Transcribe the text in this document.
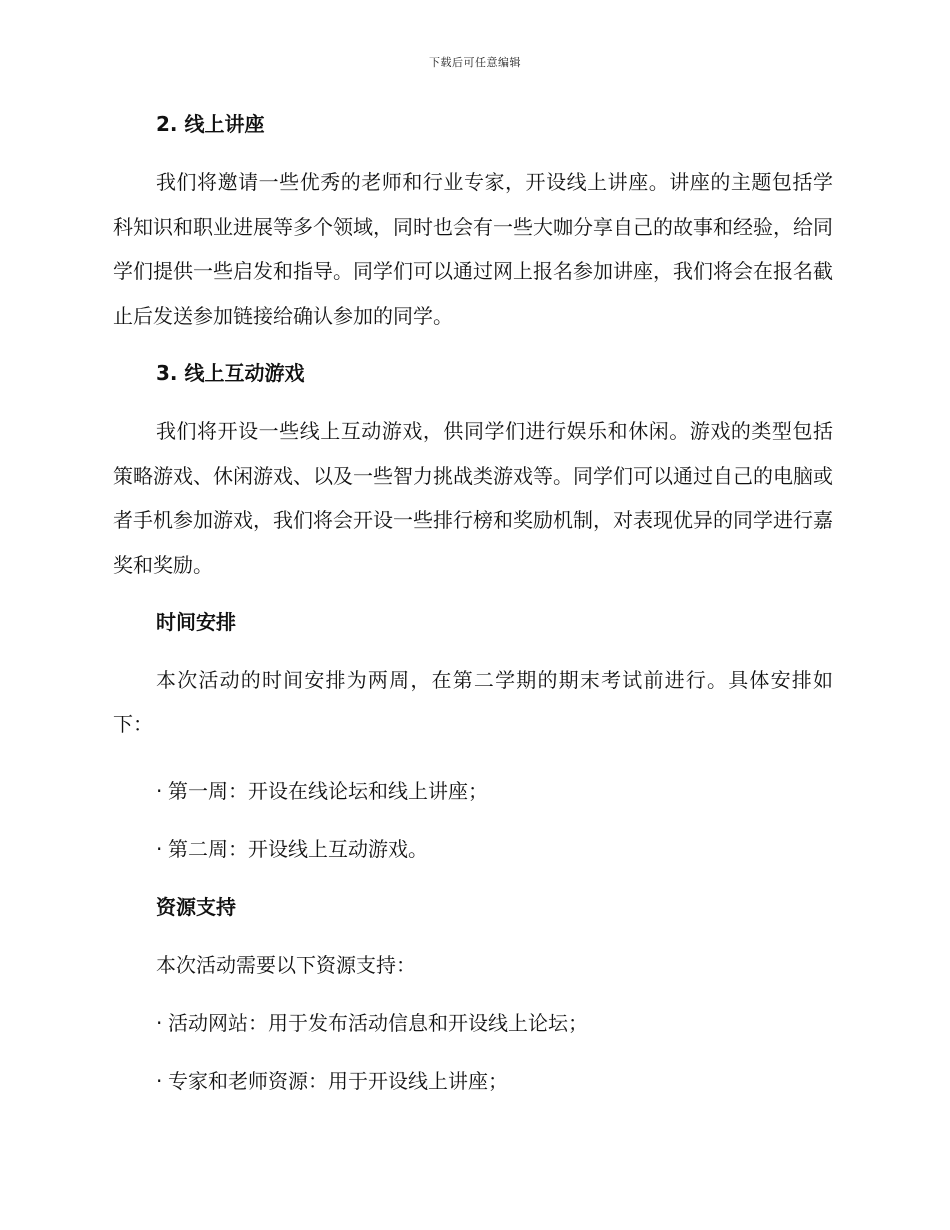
下载后可任意编辑
2. 线上讲座

我们将邀请一些优秀的老师和行业专家，开设线上讲座。讲座的主题包括学科知识和职业进展等多个领域，同时也会有一些大咖分享自己的故事和经验，给同学们提供一些启发和指导。同学们可以通过网上报名参加讲座，我们将会在报名截止后发送参加链接给确认参加的同学。

3. 线上互动游戏

我们将开设一些线上互动游戏，供同学们进行娱乐和休闲。游戏的类型包括策略游戏、休闲游戏、以及一些智力挑战类游戏等。同学们可以通过自己的电脑或者手机参加游戏，我们将会开设一些排行榜和奖励机制，对表现优异的同学进行嘉奖和奖励。

时间安排

本次活动的时间安排为两周，在第二学期的期末考试前进行。具体安排如下：

· 第一周：开设在线论坛和线上讲座；
· 第二周：开设线上互动游戏。
资源支持
本次活动需要以下资源支持：
· 活动网站：用于发布活动信息和开设线上论坛；
· 专家和老师资源：用于开设线上讲座；
